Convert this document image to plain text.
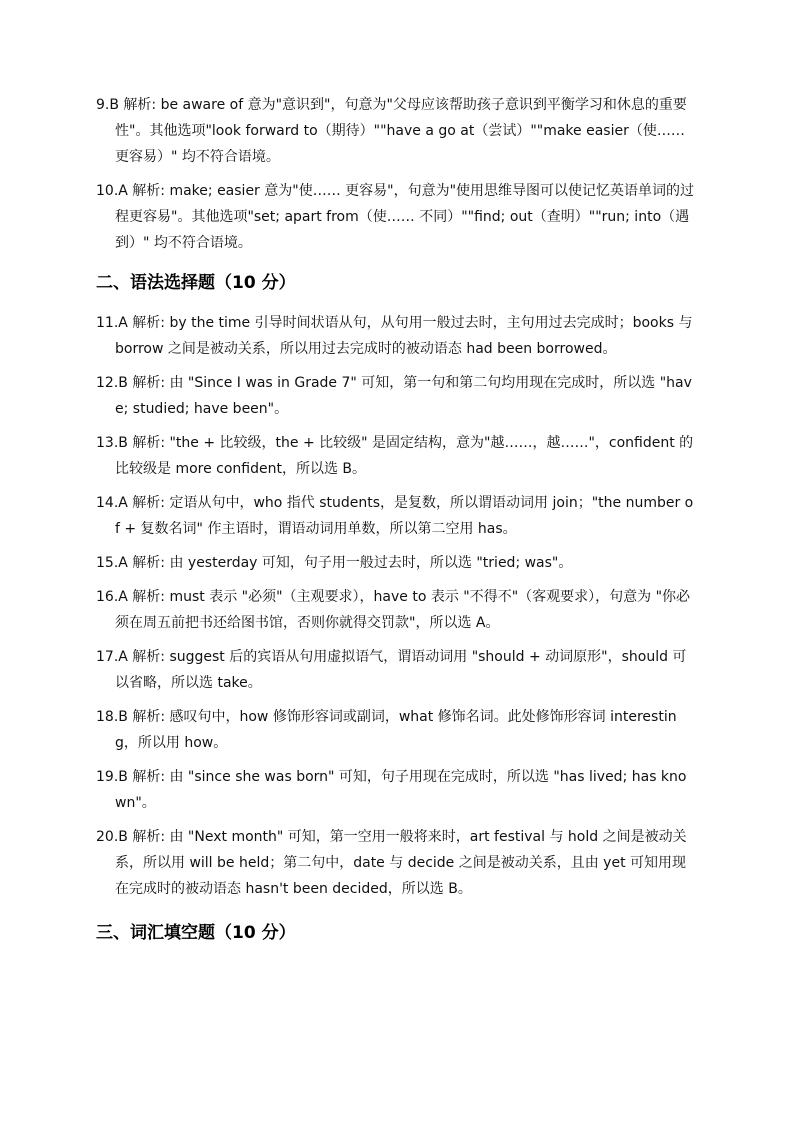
9.B 解析: be aware of 意为"意识到"，句意为"父母应该帮助孩子意识到平衡学习和休息的重要性"。其他选项"look forward to（期待）""have a go at（尝试）""make easier（使…… 更容易）" 均不符合语境。
10.A 解析: make; easier 意为"使…… 更容易"，句意为"使用思维导图可以使记忆英语单词的过程更容易"。其他选项"set; apart from（使…… 不同）""find; out（查明）""run; into（遇到）" 均不符合语境。
二、语法选择题（10 分）
11.A 解析: by the time 引导时间状语从句，从句用一般过去时，主句用过去完成时；books 与 borrow 之间是被动关系，所以用过去完成时的被动语态 had been borrowed。
12.B 解析: 由 "Since I was in Grade 7" 可知，第一句和第二句均用现在完成时，所以选 "have; studied; have been"。
13.B 解析: "the + 比较级，the + 比较级" 是固定结构，意为"越……，越……"，confident 的比较级是 more confident，所以选 B。
14.A 解析: 定语从句中，who 指代 students，是复数，所以谓语动词用 join；"the number of + 复数名词" 作主语时，谓语动词用单数，所以第二空用 has。
15.A 解析: 由 yesterday 可知，句子用一般过去时，所以选 "tried; was"。
16.A 解析: must 表示 "必须"（主观要求），have to 表示 "不得不"（客观要求），句意为 "你必须在周五前把书还给图书馆，否则你就得交罚款"，所以选 A。
17.A 解析: suggest 后的宾语从句用虚拟语气，谓语动词用 "should + 动词原形"，should 可以省略，所以选 take。
18.B 解析: 感叹句中，how 修饰形容词或副词，what 修饰名词。此处修饰形容词 interesting，所以用 how。
19.B 解析: 由 "since she was born" 可知，句子用现在完成时，所以选 "has lived; has known"。
20.B 解析: 由 "Next month" 可知，第一空用一般将来时，art festival 与 hold 之间是被动关系，所以用 will be held；第二句中，date 与 decide 之间是被动关系，且由 yet 可知用现在完成时的被动语态 hasn't been decided，所以选 B。
三、词汇填空题（10 分）
